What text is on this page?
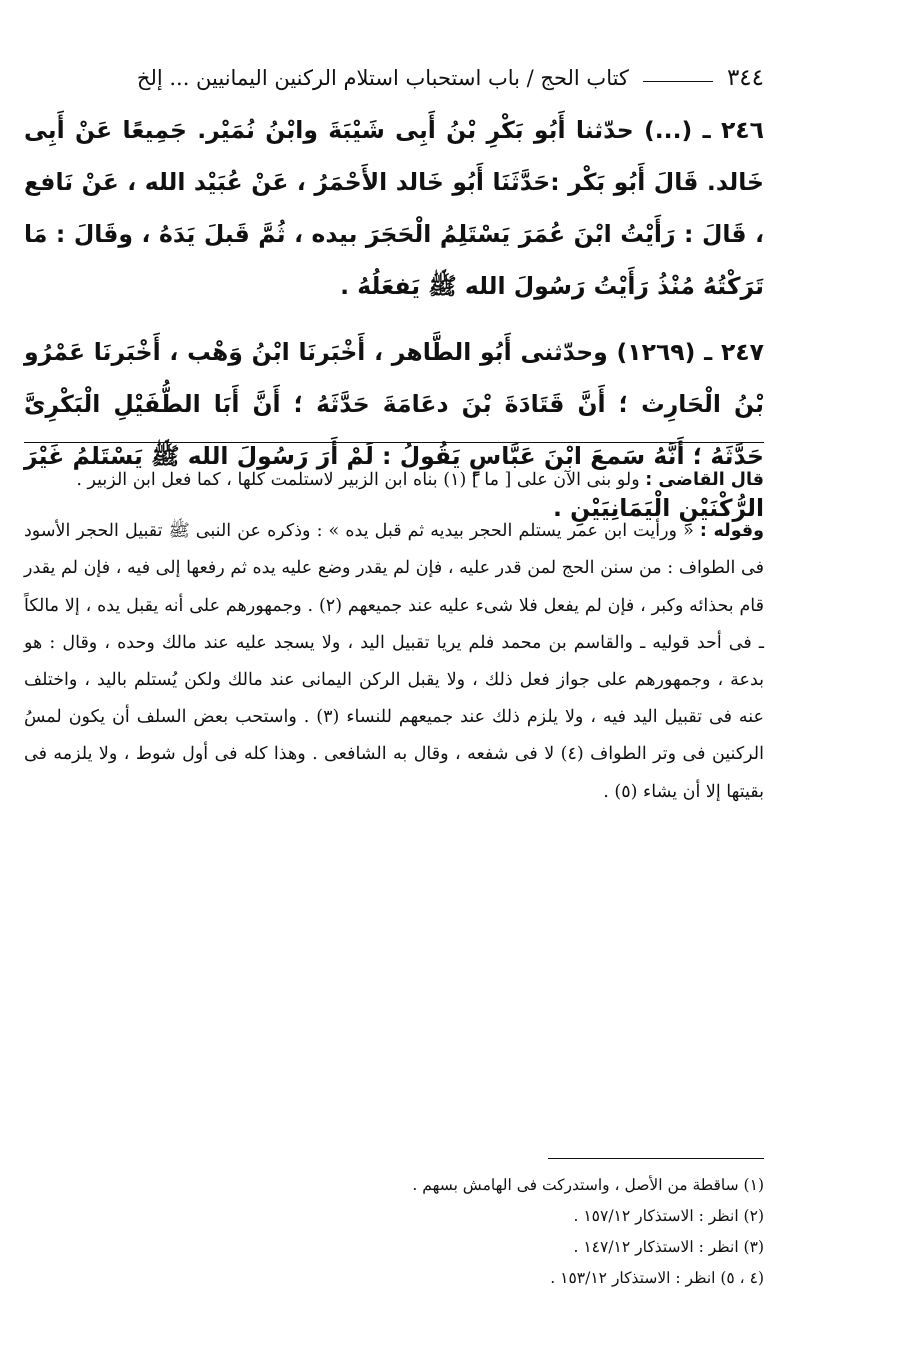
٣٤٤
كتاب الحج / باب استحباب استلام الركنين اليمانيين ... إلخ

٢٤٦ ـ (...) حدّثنا أَبُو بَكْرِ بْنُ أَبِى شَيْبَةَ وابْنُ نُمَيْر. جَمِيعًا عَنْ أَبِى خَالد. قَالَ أَبُو بَكْر :حَدَّثَنَا أَبُو خَالد الأَحْمَرُ ، عَنْ عُبَيْد الله ، عَنْ نَافع ، قَالَ : رَأَيْتُ ابْنَ عُمَرَ يَسْتَلِمُ الْحَجَرَ بيده ، ثُمَّ قَبلَ يَدَهُ ، وقَالَ : مَا تَرَكْتُهُ مُنْذُ رَأَيْتُ رَسُولَ الله ﷺ يَفعَلُهُ .

٢٤٧ ـ (١٢٦٩) وحدّثنى أَبُو الطَّاهر ، أَخْبَرنَا ابْنُ وَهْب ، أَخْبَرنَا عَمْرُو بْنُ الْحَارِث ؛ أَنَّ قَتَادَةَ بْنَ دعَامَةَ حَدَّثَهُ ؛ أَنَّ أَبَا الطُّفَيْلِ الْبَكْرِىَّ حَدَّثَهُ ؛ أَنَّهُ سَمعَ ابْنَ عَبَّاسٍ يَقُولُ : لَمْ أَرَ رَسُولَ الله ﷺ يَسْتَلمُ غَيْرَ الرُّكْنَيْنِ الْيَمَانِيَيْنِ .

قال القاضى : ولو بنى الآن على [ ما ] (١) بناه ابن الزبير لاستلمت كلها ، كما فعل ابن الزبير .

وقوله : « ورأيت ابن عمر يستلم الحجر بيديه ثم قبل يده » : وذكره عن النبى ﷺ تقبيل الحجر الأسود فى الطواف : من سنن الحج لمن قدر عليه ، فإن لم يقدر وضع عليه يده ثم رفعها إلى فيه ، فإن لم يقدر قام بحذائه وكبر ، فإن لم يفعل فلا شىء عليه عند جميعهم (٢) . وجمهورهم على أنه يقبل يده ، إلا مالكاً ـ فى أحد قوليه ـ والقاسم بن محمد فلم يريا تقبيل اليد ، ولا يسجد عليه عند مالك وحده ، وقال : هو بدعة ، وجمهورهم على جواز فعل ذلك ، ولا يقبل الركن اليمانى عند مالك ولكن يُستلم باليد ، واختلف عنه فى تقبيل اليد فيه ، ولا يلزم ذلك عند جميعهم للنساء (٣) . واستحب بعض السلف أن يكون لمسُ الركنين فى وتر الطواف (٤) لا فى شفعه ، وقال به الشافعى . وهذا كله فى أول شوط ، ولا يلزمه فى بقيتها إلا أن يشاء (٥) .

(١) ساقطة من الأصل ، واستدركت فى الهامش بسهم .
(٢) انظر : الاستذكار ١٥٧/١٢ .
(٣) انظر : الاستذكار ١٤٧/١٢ .
(٤ ، ٥) انظر : الاستذكار ١٥٣/١٢ .
